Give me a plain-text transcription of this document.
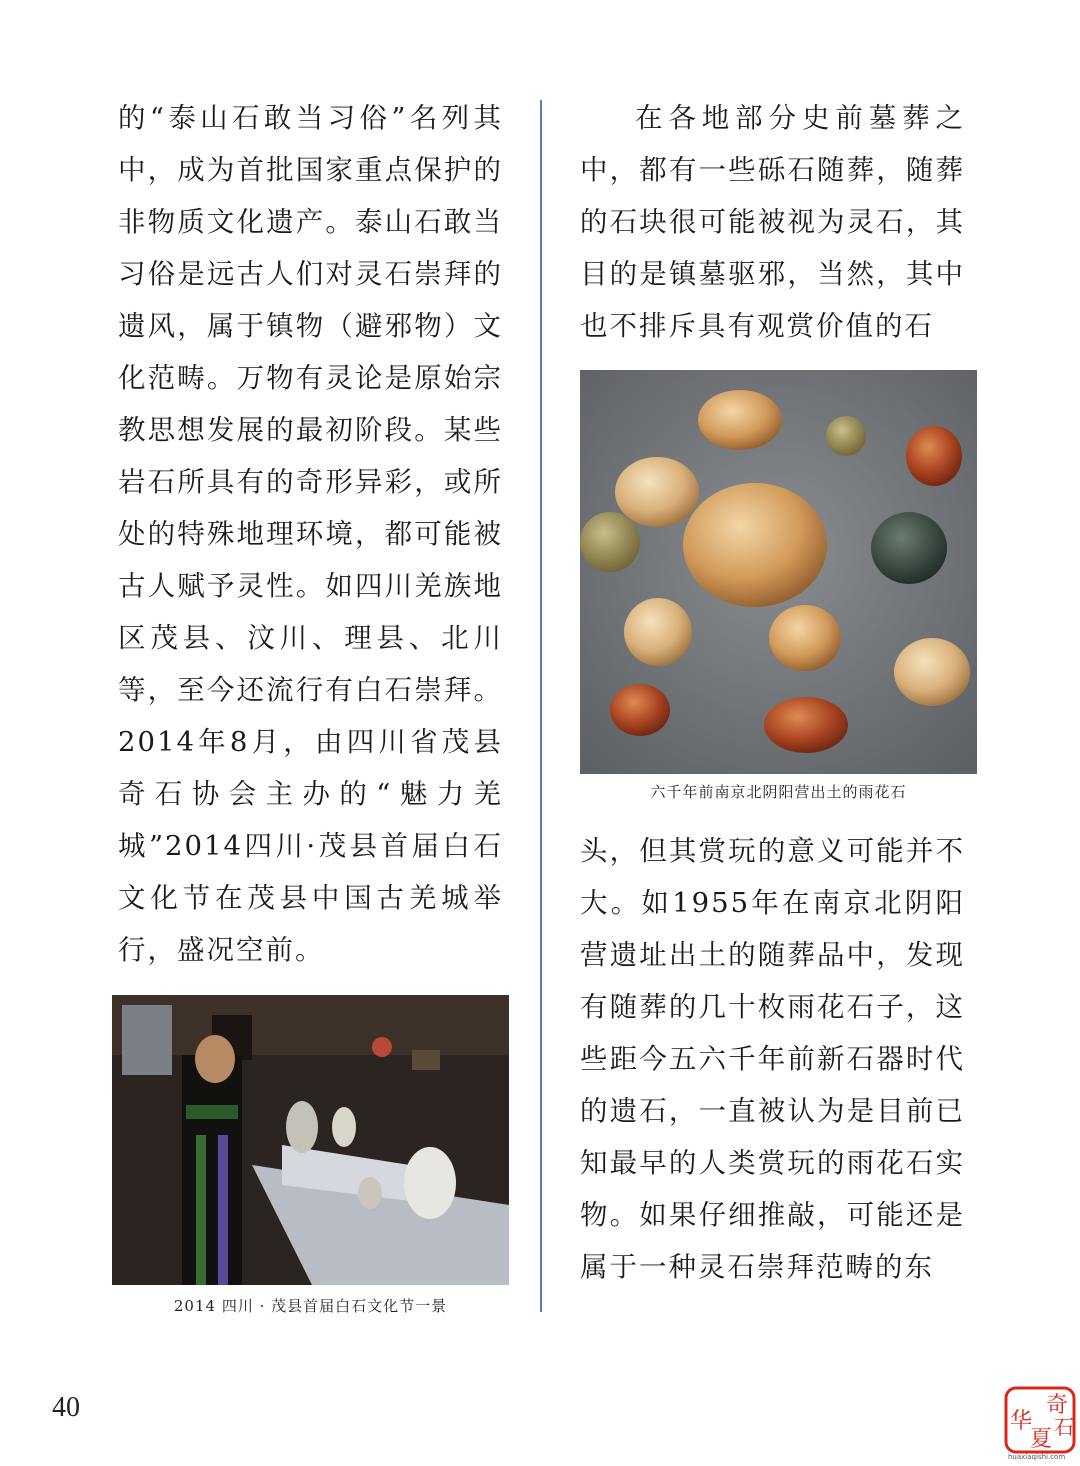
的“泰山石敢当习俗”名列其中，成为首批国家重点保护的非物质文化遗产。泰山石敢当习俗是远古人们对灵石崇拜的遗风，属于镇物（避邪物）文化范畴。万物有灵论是原始宗教思想发展的最初阶段。某些岩石所具有的奇形异彩，或所处的特殊地理环境，都可能被古人赋予灵性。如四川羌族地区茂县、汶川、理县、北川等，至今还流行有白石崇拜。2014年8月，由四川省茂县奇石协会主办的“魅力羌城”2014四川·茂县首届白石文化节在茂县中国古羌城举行，盛况空前。

在各地部分史前墓葬之中，都有一些砾石随葬，随葬的石块很可能被视为灵石，其目的是镇墓驱邪，当然，其中也不排斥具有观赏价值的石

六千年前南京北阴阳营出土的雨花石

头，但其赏玩的意义可能并不大。如1955年在南京北阴阳营遗址出土的随葬品中，发现有随葬的几十枚雨花石子，这些距今五六千年前新石器时代的遗石，一直被认为是目前已知最早的人类赏玩的雨花石实物。如果仔细推敲，可能还是属于一种灵石崇拜范畴的东

2014 四川 · 茂县首届白石文化节一景
40	奇
石
华
夏
huaxiaqishi.com
